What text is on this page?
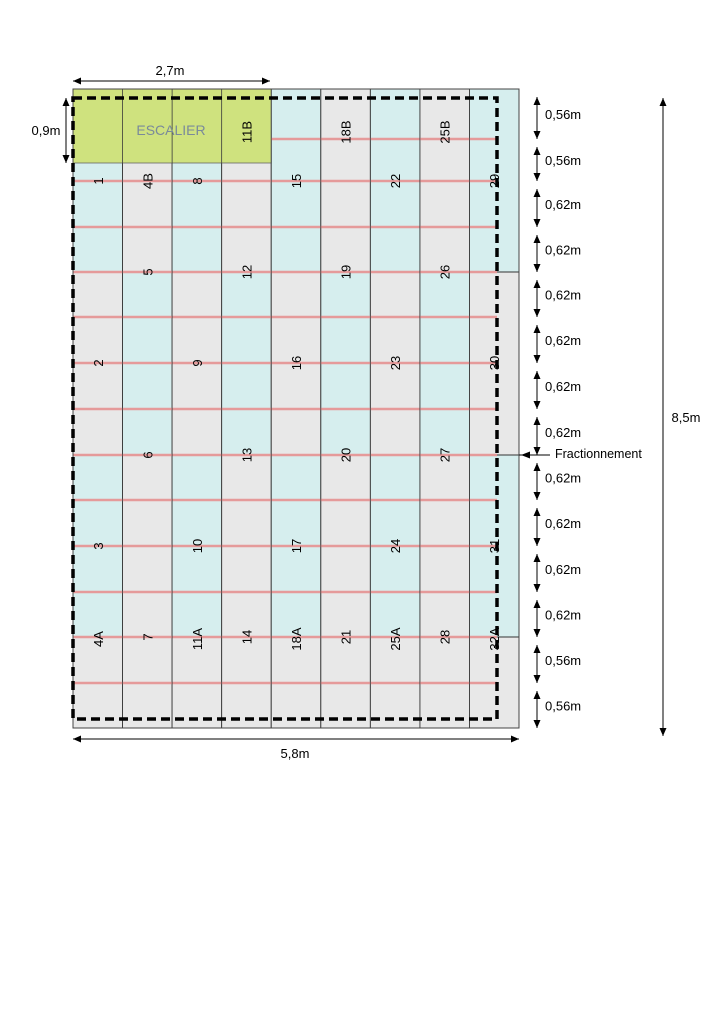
1	4B	8
11B
15
18B
22
25B
29
5	12	19	26
2	9	16	23	30
6	13	20	27
3	10	17	24	31
7	14	21	28
4A	11A	18A	25A	32A
0,56m
0,56m
0,62m
0,62m
0,62m
0,62m
0,62m
0,62m
0,62m
0,62m
0,62m
0,62m
0,56m
0,56m
ESCALIER
2,7m
0,9m
5,8m
8,5m
Fractionnement
